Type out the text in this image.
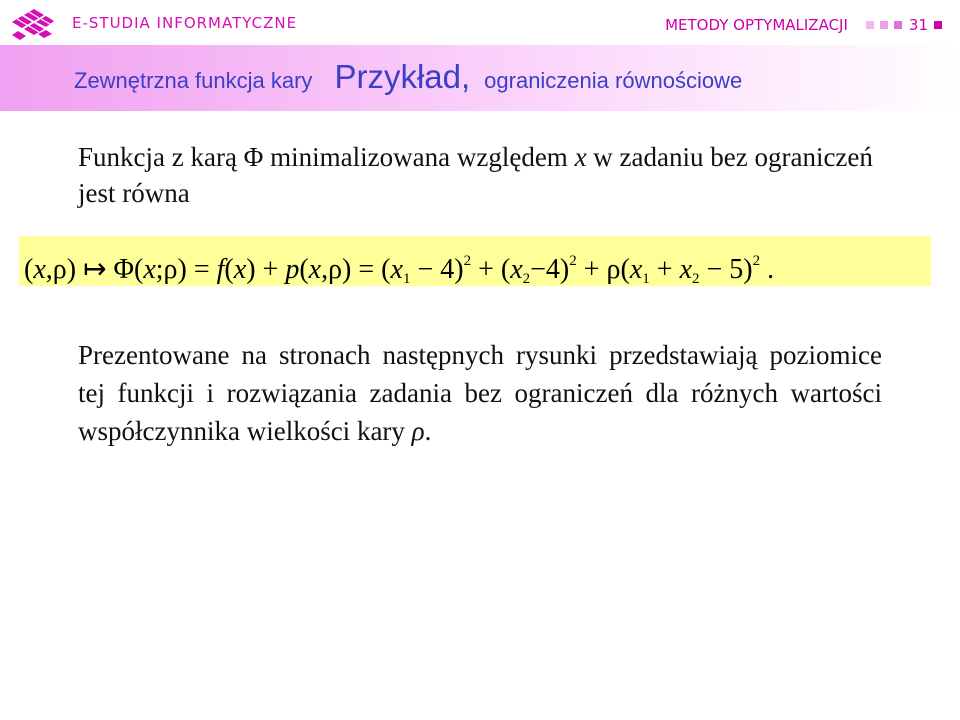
E-STUDIA INFORMATYCZNE	METODY OPTYMALIZACJI	31
Zewnętrzna funkcja kary Przykład, ograniczenia równościowe
Funkcja z karą Φ minimalizowana względem x w zadaniu bez ograniczeń jest równa
(x,ρ) ↦ Φ(x;ρ) = $f(x) + p(x,\rho) = (x_1 - 4)^2 + (x_2-4)^2 + \rho(x_1 + x_2 - 5)^2$ .
Prezentowane na stronach następnych rysunki przedstawiają poziomice tej funkcji i rozwiązania zadania bez ograniczeń dla różnych wartości współczynnika wielkości kary ρ.
